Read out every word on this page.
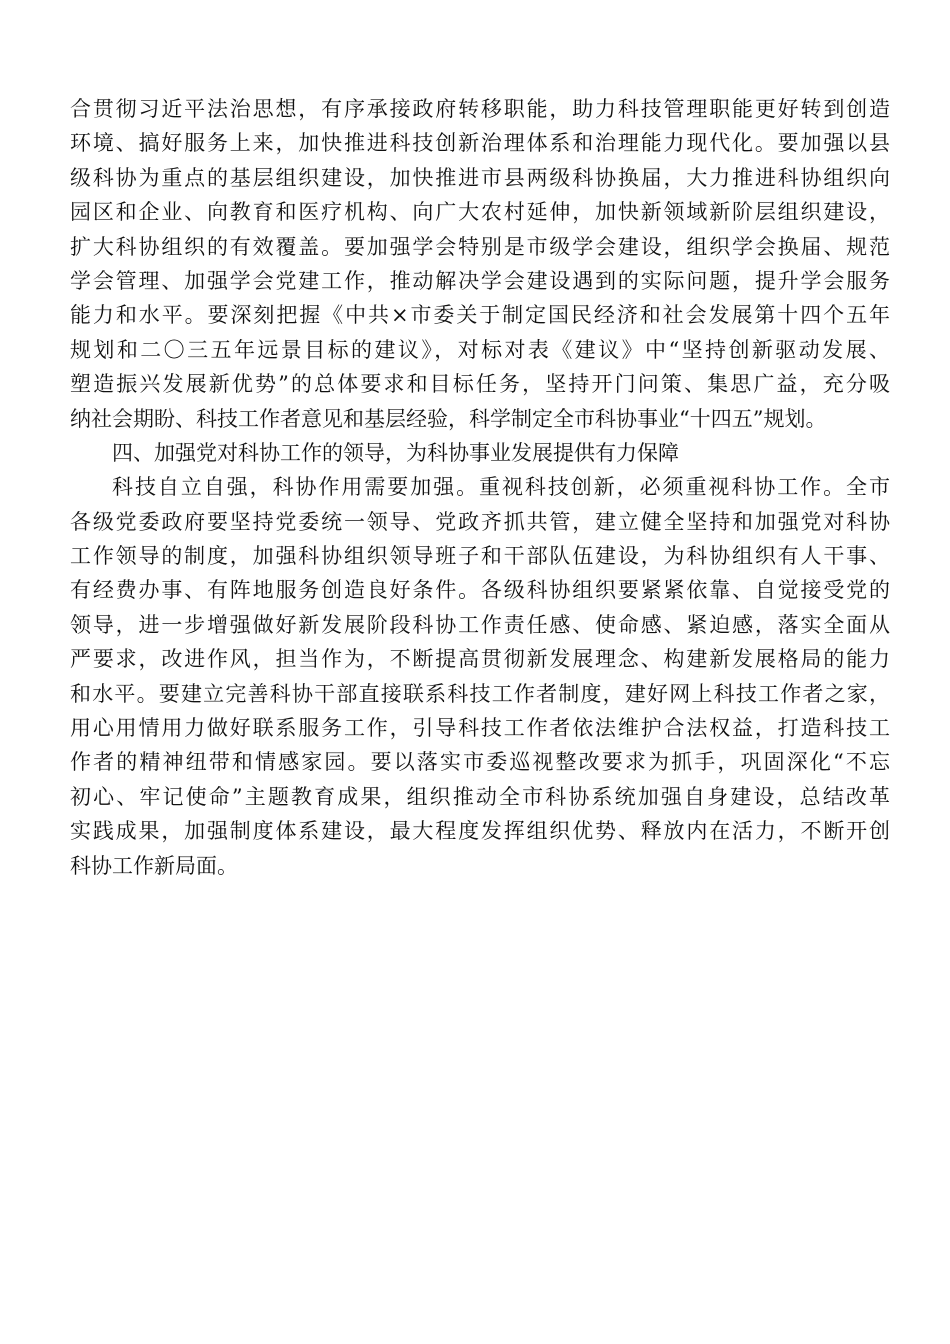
合贯彻习近平法治思想，有序承接政府转移职能，助力科技管理职能更好转到创造
环境、搞好服务上来，加快推进科技创新治理体系和治理能力现代化。要加强以县
级科协为重点的基层组织建设，加快推进市县两级科协换届，大力推进科协组织向
园区和企业、向教育和医疗机构、向广大农村延伸，加快新领域新阶层组织建设，
扩大科协组织的有效覆盖。要加强学会特别是市级学会建设，组织学会换届、规范
学会管理、加强学会党建工作，推动解决学会建设遇到的实际问题，提升学会服务
能力和水平。要深刻把握《中共×市委关于制定国民经济和社会发展第十四个五年
规划和二〇三五年远景目标的建议》，对标对表《建议》中“坚持创新驱动发展、
塑造振兴发展新优势”的总体要求和目标任务，坚持开门问策、集思广益，充分吸
纳社会期盼、科技工作者意见和基层经验，科学制定全市科协事业“十四五”规划。
四、加强党对科协工作的领导，为科协事业发展提供有力保障
科技自立自强，科协作用需要加强。重视科技创新，必须重视科协工作。全市
各级党委政府要坚持党委统一领导、党政齐抓共管，建立健全坚持和加强党对科协
工作领导的制度，加强科协组织领导班子和干部队伍建设，为科协组织有人干事、
有经费办事、有阵地服务创造良好条件。各级科协组织要紧紧依靠、自觉接受党的
领导，进一步增强做好新发展阶段科协工作责任感、使命感、紧迫感，落实全面从
严要求，改进作风，担当作为，不断提高贯彻新发展理念、构建新发展格局的能力
和水平。要建立完善科协干部直接联系科技工作者制度，建好网上科技工作者之家，
用心用情用力做好联系服务工作，引导科技工作者依法维护合法权益，打造科技工
作者的精神纽带和情感家园。要以落实市委巡视整改要求为抓手，巩固深化“不忘
初心、牢记使命”主题教育成果，组织推动全市科协系统加强自身建设，总结改革
实践成果，加强制度体系建设，最大程度发挥组织优势、释放内在活力，不断开创
科协工作新局面。
